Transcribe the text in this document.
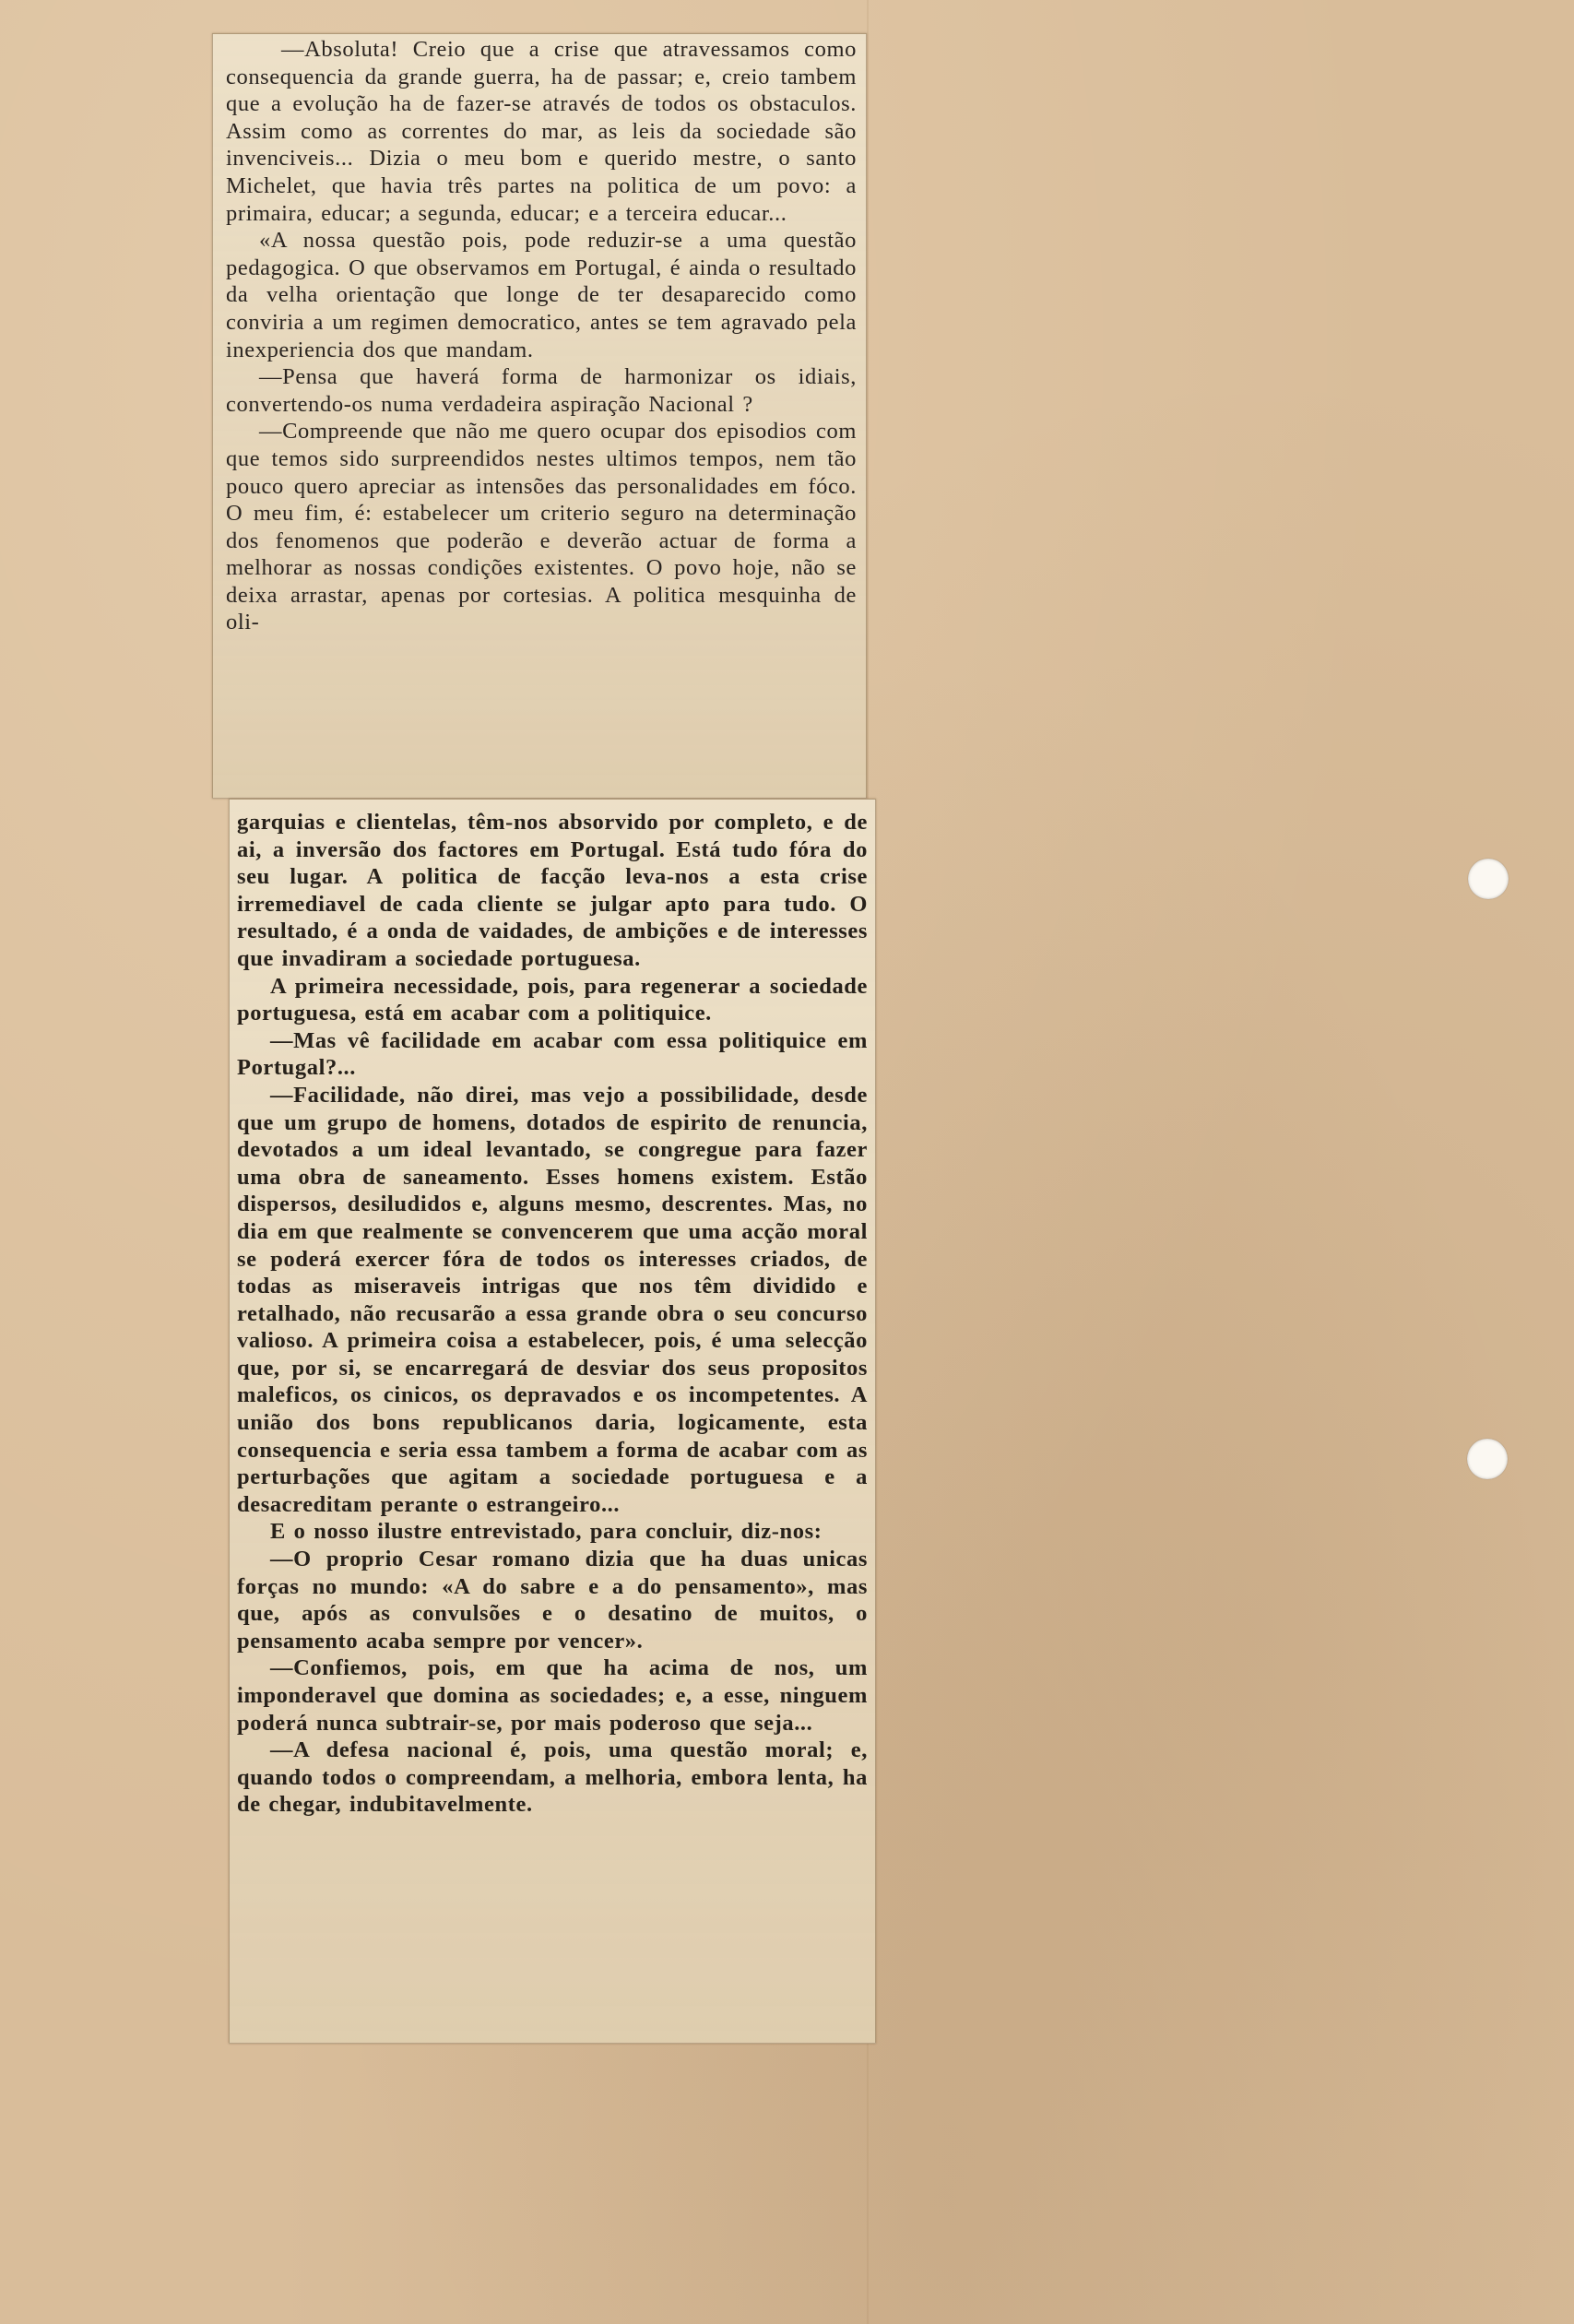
—Absoluta! Creio que a crise que atravessamos como consequencia da grande guerra, ha de passar; e, creio tambem que a evolução ha de fazer-se através de todos os obstaculos. Assim como as correntes do mar, as leis da sociedade são invenciveis... Dizia o meu bom e querido mestre, o santo Michelet, que havia três partes na politica de um povo: a primaira, educar; a segunda, educar; e a terceira educar...

«A nossa questão pois, pode reduzir-se a uma questão pedagogica. O que observamos em Portugal, é ainda o resultado da velha orientação que longe de ter desaparecido como conviria a um regimen democratico, antes se tem agravado pela inexperiencia dos que mandam.

—Pensa que haverá forma de harmonizar os idiais, convertendo-os numa verdadeira aspiração Nacional ?

—Compreende que não me quero ocupar dos episodios com que temos sido surpreendidos nestes ultimos tempos, nem tão pouco quero apreciar as intensões das personalidades em fóco. O meu fim, é: estabelecer um criterio seguro na determinação dos fenomenos que poderão e deverão actuar de forma a melhorar as nossas condições existentes. O povo hoje, não se deixa arrastar, apenas por cortesias. A politica mesquinha de oli-

garquias e clientelas, têm-nos absorvido por completo, e de ai, a inversão dos factores em Portugal. Está tudo fóra do seu lugar. A politica de facção leva-nos a esta crise irremediavel de cada cliente se julgar apto para tudo. O resultado, é a onda de vaidades, de ambições e de interesses que invadiram a sociedade portuguesa.

A primeira necessidade, pois, para regenerar a sociedade portuguesa, está em acabar com a politiquice.

—Mas vê facilidade em acabar com essa politiquice em Portugal?...

—Facilidade, não direi, mas vejo a possibilidade, desde que um grupo de homens, dotados de espirito de renuncia, devotados a um ideal levantado, se congregue para fazer uma obra de saneamento. Esses homens existem. Estão dispersos, desiludidos e, alguns mesmo, descrentes. Mas, no dia em que realmente se convencerem que uma acção moral se poderá exercer fóra de todos os interesses criados, de todas as miseraveis intrigas que nos têm dividido e retalhado, não recusarão a essa grande obra o seu concurso valioso. A primeira coisa a estabelecer, pois, é uma selecção que, por si, se encarregará de desviar dos seus propositos maleficos, os cinicos, os depravados e os incompetentes. A união dos bons republicanos daria, logicamente, esta consequencia e seria essa tambem a forma de acabar com as perturbações que agitam a sociedade portuguesa e a desacreditam perante o estrangeiro...

E o nosso ilustre entrevistado, para concluir, diz-nos:

—O proprio Cesar romano dizia que ha duas unicas forças no mundo: «A do sabre e a do pensamento», mas que, após as convulsões e o desatino de muitos, o pensamento acaba sempre por vencer».

—Confiemos, pois, em que ha acima de nos, um imponderavel que domina as sociedades; e, a esse, ninguem poderá nunca subtrair-se, por mais poderoso que seja...

—A defesa nacional é, pois, uma questão moral; e, quando todos o compreendam, a melhoria, embora lenta, ha de chegar, indubitavelmente.
